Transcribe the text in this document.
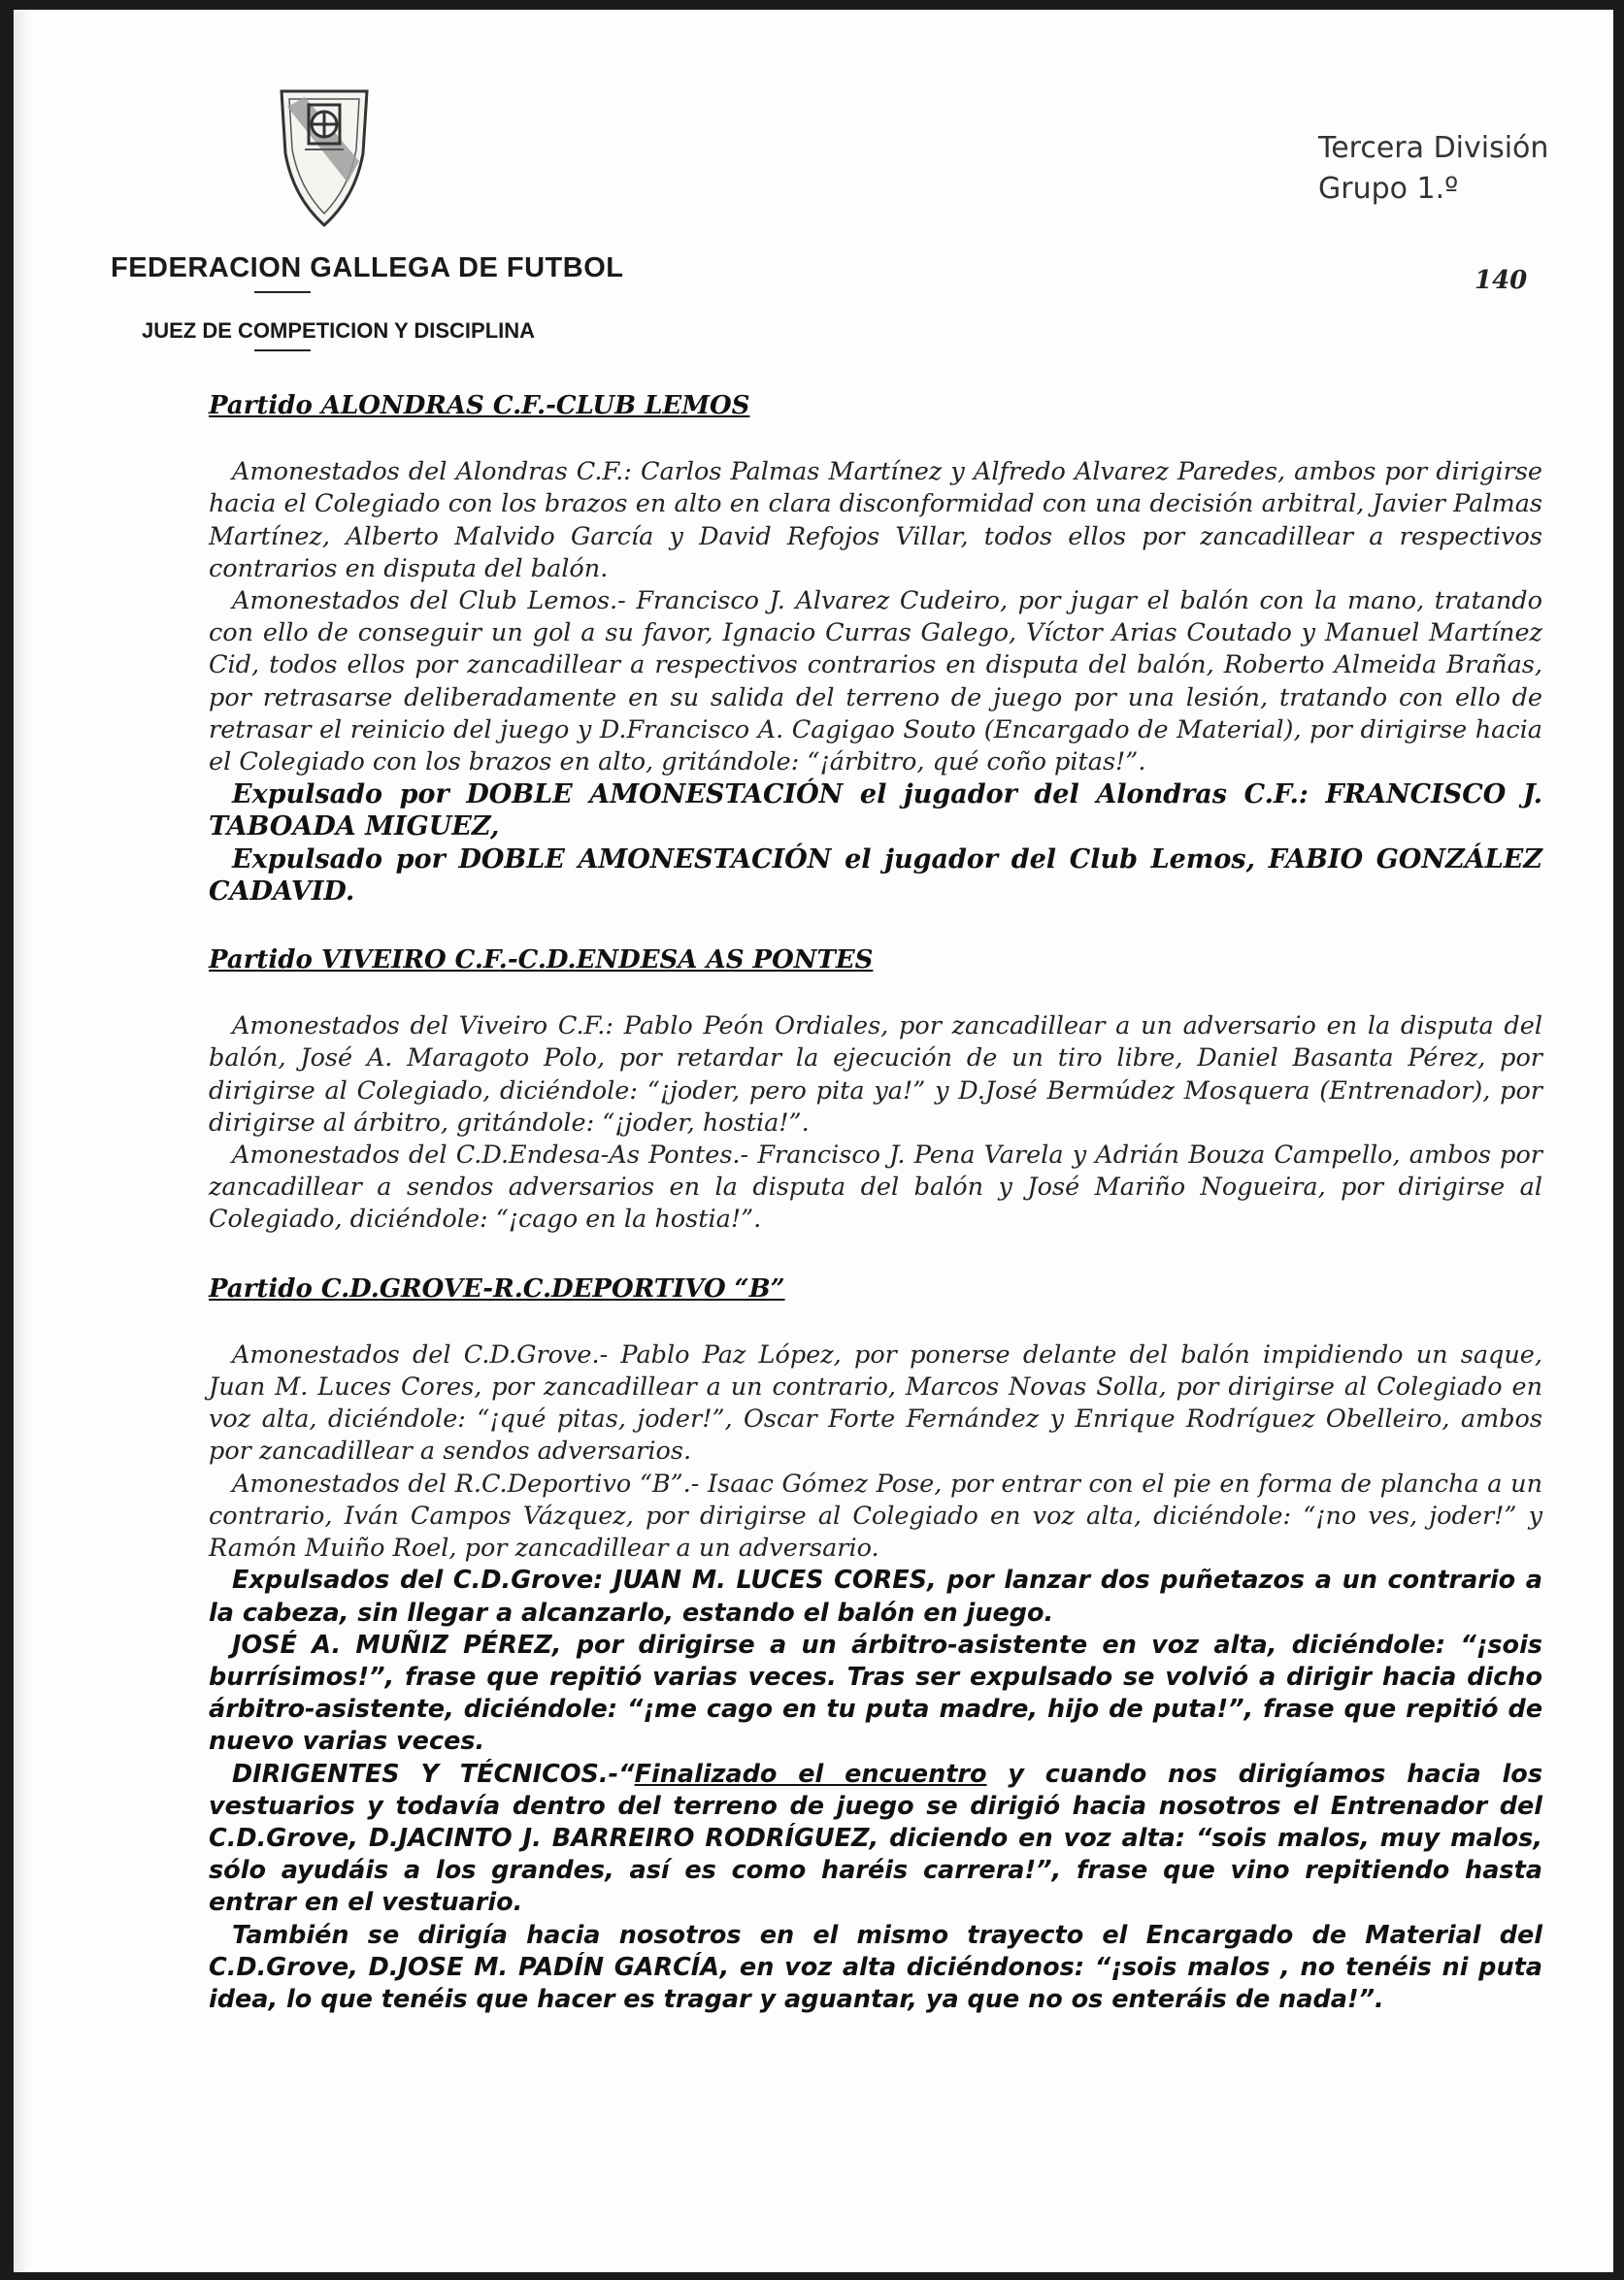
FEDERACION GALLEGA DE FUTBOL
JUEZ DE COMPETICION Y DISCIPLINA
Tercera División
Grupo 1.º
140
Partido ALONDRAS C.F.-CLUB LEMOS

Amonestados del Alondras C.F.: Carlos Palmas Martínez y Alfredo Alvarez Paredes, ambos por dirigirse hacia el Colegiado con los brazos en alto en clara disconformidad con una decisión arbitral, Javier Palmas Martínez, Alberto Malvido García y David Refojos Villar, todos ellos por zancadillear a respectivos contrarios en disputa del balón.

Amonestados del Club Lemos.- Francisco J. Alvarez Cudeiro, por jugar el balón con la mano, tratando con ello de conseguir un gol a su favor, Ignacio Curras Galego, Víctor Arias Coutado y Manuel Martínez Cid, todos ellos por zancadillear a respectivos contrarios en disputa del balón, Roberto Almeida Brañas, por retrasarse deliberadamente en su salida del terreno de juego por una lesión, tratando con ello de retrasar el reinicio del juego y D.Francisco A. Cagigao Souto (Encargado de Material), por dirigirse hacia el Colegiado con los brazos en alto, gritándole: “¡árbitro, qué coño pitas!”.

Expulsado por DOBLE AMONESTACIÓN el jugador del Alondras C.F.: FRANCISCO J. TABOADA MIGUEZ,

Expulsado por DOBLE AMONESTACIÓN el jugador del Club Lemos, FABIO GONZÁLEZ CADAVID.

Partido VIVEIRO C.F.-C.D.ENDESA AS PONTES

Amonestados del Viveiro C.F.: Pablo Peón Ordiales, por zancadillear a un adversario en la disputa del balón, José A. Maragoto Polo, por retardar la ejecución de un tiro libre, Daniel Basanta Pérez, por dirigirse al Colegiado, diciéndole: “¡joder, pero pita ya!” y D.José Bermúdez Mosquera (Entrenador), por dirigirse al árbitro, gritándole: “¡joder, hostia!”.

Amonestados del C.D.Endesa-As Pontes.- Francisco J. Pena Varela y Adrián Bouza Campello, ambos por zancadillear a sendos adversarios en la disputa del balón y José Mariño Nogueira, por dirigirse al Colegiado, diciéndole: “¡cago en la hostia!”.

Partido C.D.GROVE-R.C.DEPORTIVO “B”

Amonestados del C.D.Grove.- Pablo Paz López, por ponerse delante del balón impidiendo un saque, Juan M. Luces Cores, por zancadillear a un contrario, Marcos Novas Solla, por dirigirse al Colegiado en voz alta, diciéndole: “¡qué pitas, joder!”, Oscar Forte Fernández y Enrique Rodríguez Obelleiro, ambos por zancadillear a sendos adversarios.

Amonestados del R.C.Deportivo “B”.- Isaac Gómez Pose, por entrar con el pie en forma de plancha a un contrario, Iván Campos Vázquez, por dirigirse al Colegiado en voz alta, diciéndole: “¡no ves, joder!” y Ramón Muiño Roel, por zancadillear a un adversario.

Expulsados del C.D.Grove: JUAN M. LUCES CORES, por lanzar dos puñetazos a un contrario a la cabeza, sin llegar a alcanzarlo, estando el balón en juego.

JOSÉ A. MUÑIZ PÉREZ, por dirigirse a un árbitro-asistente en voz alta, diciéndole: “¡sois burrísimos!”, frase que repitió varias veces. Tras ser expulsado se volvió a dirigir hacia dicho árbitro-asistente, diciéndole: “¡me cago en tu puta madre, hijo de puta!”, frase que repitió de nuevo varias veces.

DIRIGENTES Y TÉCNICOS.-“Finalizado el encuentro y cuando nos dirigíamos hacia los vestuarios y todavía dentro del terreno de juego se dirigió hacia nosotros el Entrenador del C.D.Grove, D.JACINTO J. BARREIRO RODRÍGUEZ, diciendo en voz alta: “sois malos, muy malos, sólo ayudáis a los grandes, así es como haréis carrera!”, frase que vino repitiendo hasta entrar en el vestuario.

También se dirigía hacia nosotros en el mismo trayecto el Encargado de Material del C.D.Grove, D.JOSE M. PADÍN GARCÍA, en voz alta diciéndonos: “¡sois malos , no tenéis ni puta idea, lo que tenéis que hacer es tragar y aguantar, ya que no os enteráis de nada!”.
